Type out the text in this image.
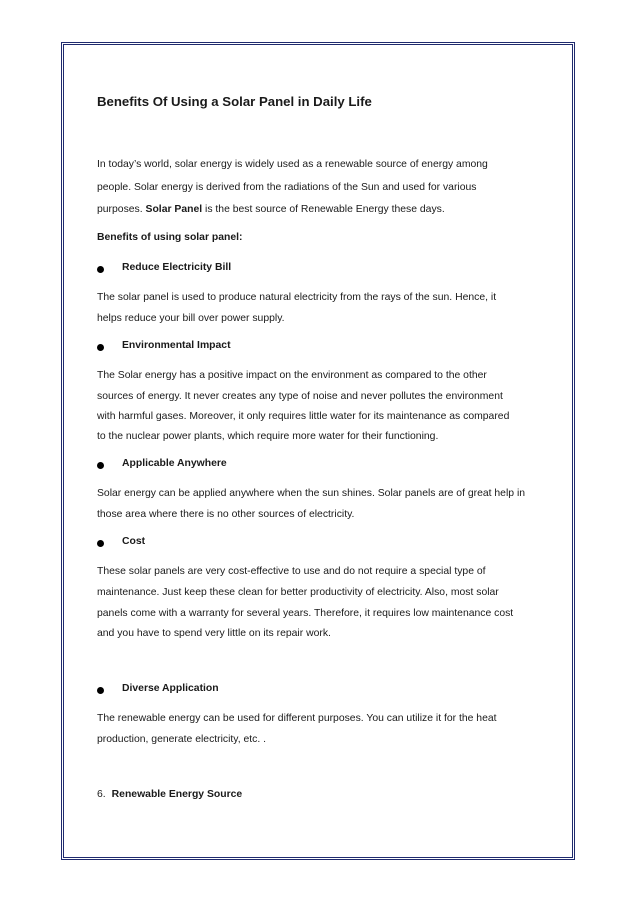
Benefits Of Using a Solar Panel in Daily Life
In today’s world, solar energy is widely used as a renewable source of energy among
people. Solar energy is derived from the radiations of the Sun and used for various
purposes. Solar Panel is the best source of Renewable Energy these days.
Benefits of using solar panel:
Reduce Electricity Bill
The solar panel is used to produce natural electricity from the rays of the sun. Hence, it
helps reduce your bill over power supply.
Environmental Impact
The Solar energy has a positive impact on the environment as compared to the other
sources of energy. It never creates any type of noise and never pollutes the environment
with harmful gases. Moreover, it only requires little water for its maintenance as compared
to the nuclear power plants, which require more water for their functioning.
Applicable Anywhere
Solar energy can be applied anywhere when the sun shines. Solar panels are of great help in
those area where there is no other sources of electricity.
Cost
These solar panels are very cost-effective to use and do not require a special type of
maintenance. Just keep these clean for better productivity of electricity. Also, most solar
panels come with a warranty for several years. Therefore, it requires low maintenance cost
and you have to spend very little on its repair work.
Diverse Application
The renewable energy can be used for different purposes. You can utilize it for the heat
production, generate electricity, etc. .
6. Renewable Energy Source
